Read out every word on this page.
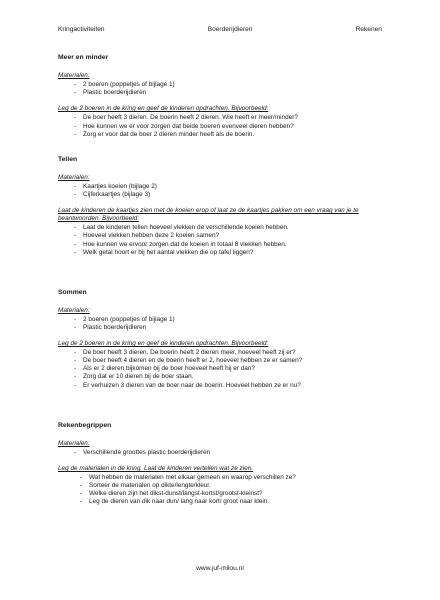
Kringactiviteiten	Boerderijdieren	Rekenen
Meer en minder
Materialen:
- 2 boeren (poppetjes of bijlage 1)
- Plastic boerderijdieren
Leg de 2 boeren in de kring en geef de kinderen opdrachten. Bijvoorbeeld:
- De boer heeft 3 dieren. De boerin heeft 2 dieren. Wie heeft er meer/minder?
- Hoe kunnen we er voor zorgen dat beide boeren evenveel dieren hebben?
- Zorg er voor dat de boer 2 dieren minder heeft als de boerin.
Tellen
Materialen:
- Kaartjes koeien (bijlage 2)
- Cijferkaartjes (bijlage 3)
Laat de kinderen de kaartjes zien met de koeien erop of laat ze de kaartjes pakken om een vraag van je te beantwoorden. Bijvoorbeeld:
- Laat de kinderen tellen hoeveel vlekken de verschillende koeien hebben.
- Hoeveel vlekken hebben deze 2 koeien samen?
- Hoe kunnen we ervoor zorgen dat de koeien in totaal 8 vlekken hebben.
- Welk getal hoort er bij het aantal vlekken die op tafel liggen?
Sommen
Materialen:
- 2 boeren (poppetjes of bijlage 1)
- Plastic boerderijdieren
Leg de 2 boeren in de kring en geef de kinderen opdrachten. Bijvoorbeeld:
- De boer heeft 3 dieren. De boerin heeft 2 dieren meer, hoeveel heeft zij er?
- De boer heeft 4 dieren en de boerin heeft er 2, hoeveel hebben ze er samen?
- Als er 2 dieren bijkomen bij de boer hoeveel heeft hij er dan?
- Zorg dat er 10 dieren bij de boer staan.
- Er verhuizen 3 dieren van de boer naar de boerin. Hoeveel hebben ze er nu?
Rekenbegrippen
Materialen:
- Verschillende groottes plastic boerderijdieren
Leg de materialen in de kring. Laat de kinderen vertellen wat ze zien.
- Wat hebben de materialen met elkaar gemeen en waarop verschillen ze?
- Sorteer de materialen op dikte/lengte/kleur.
- Welke dieren zijn het dikst-dunst/langst-kortst/grootst-kleinst?
- Leg de dieren van dik naar dun/ lang naar kort/ groot naar klein.
www.juf-milou.nl
